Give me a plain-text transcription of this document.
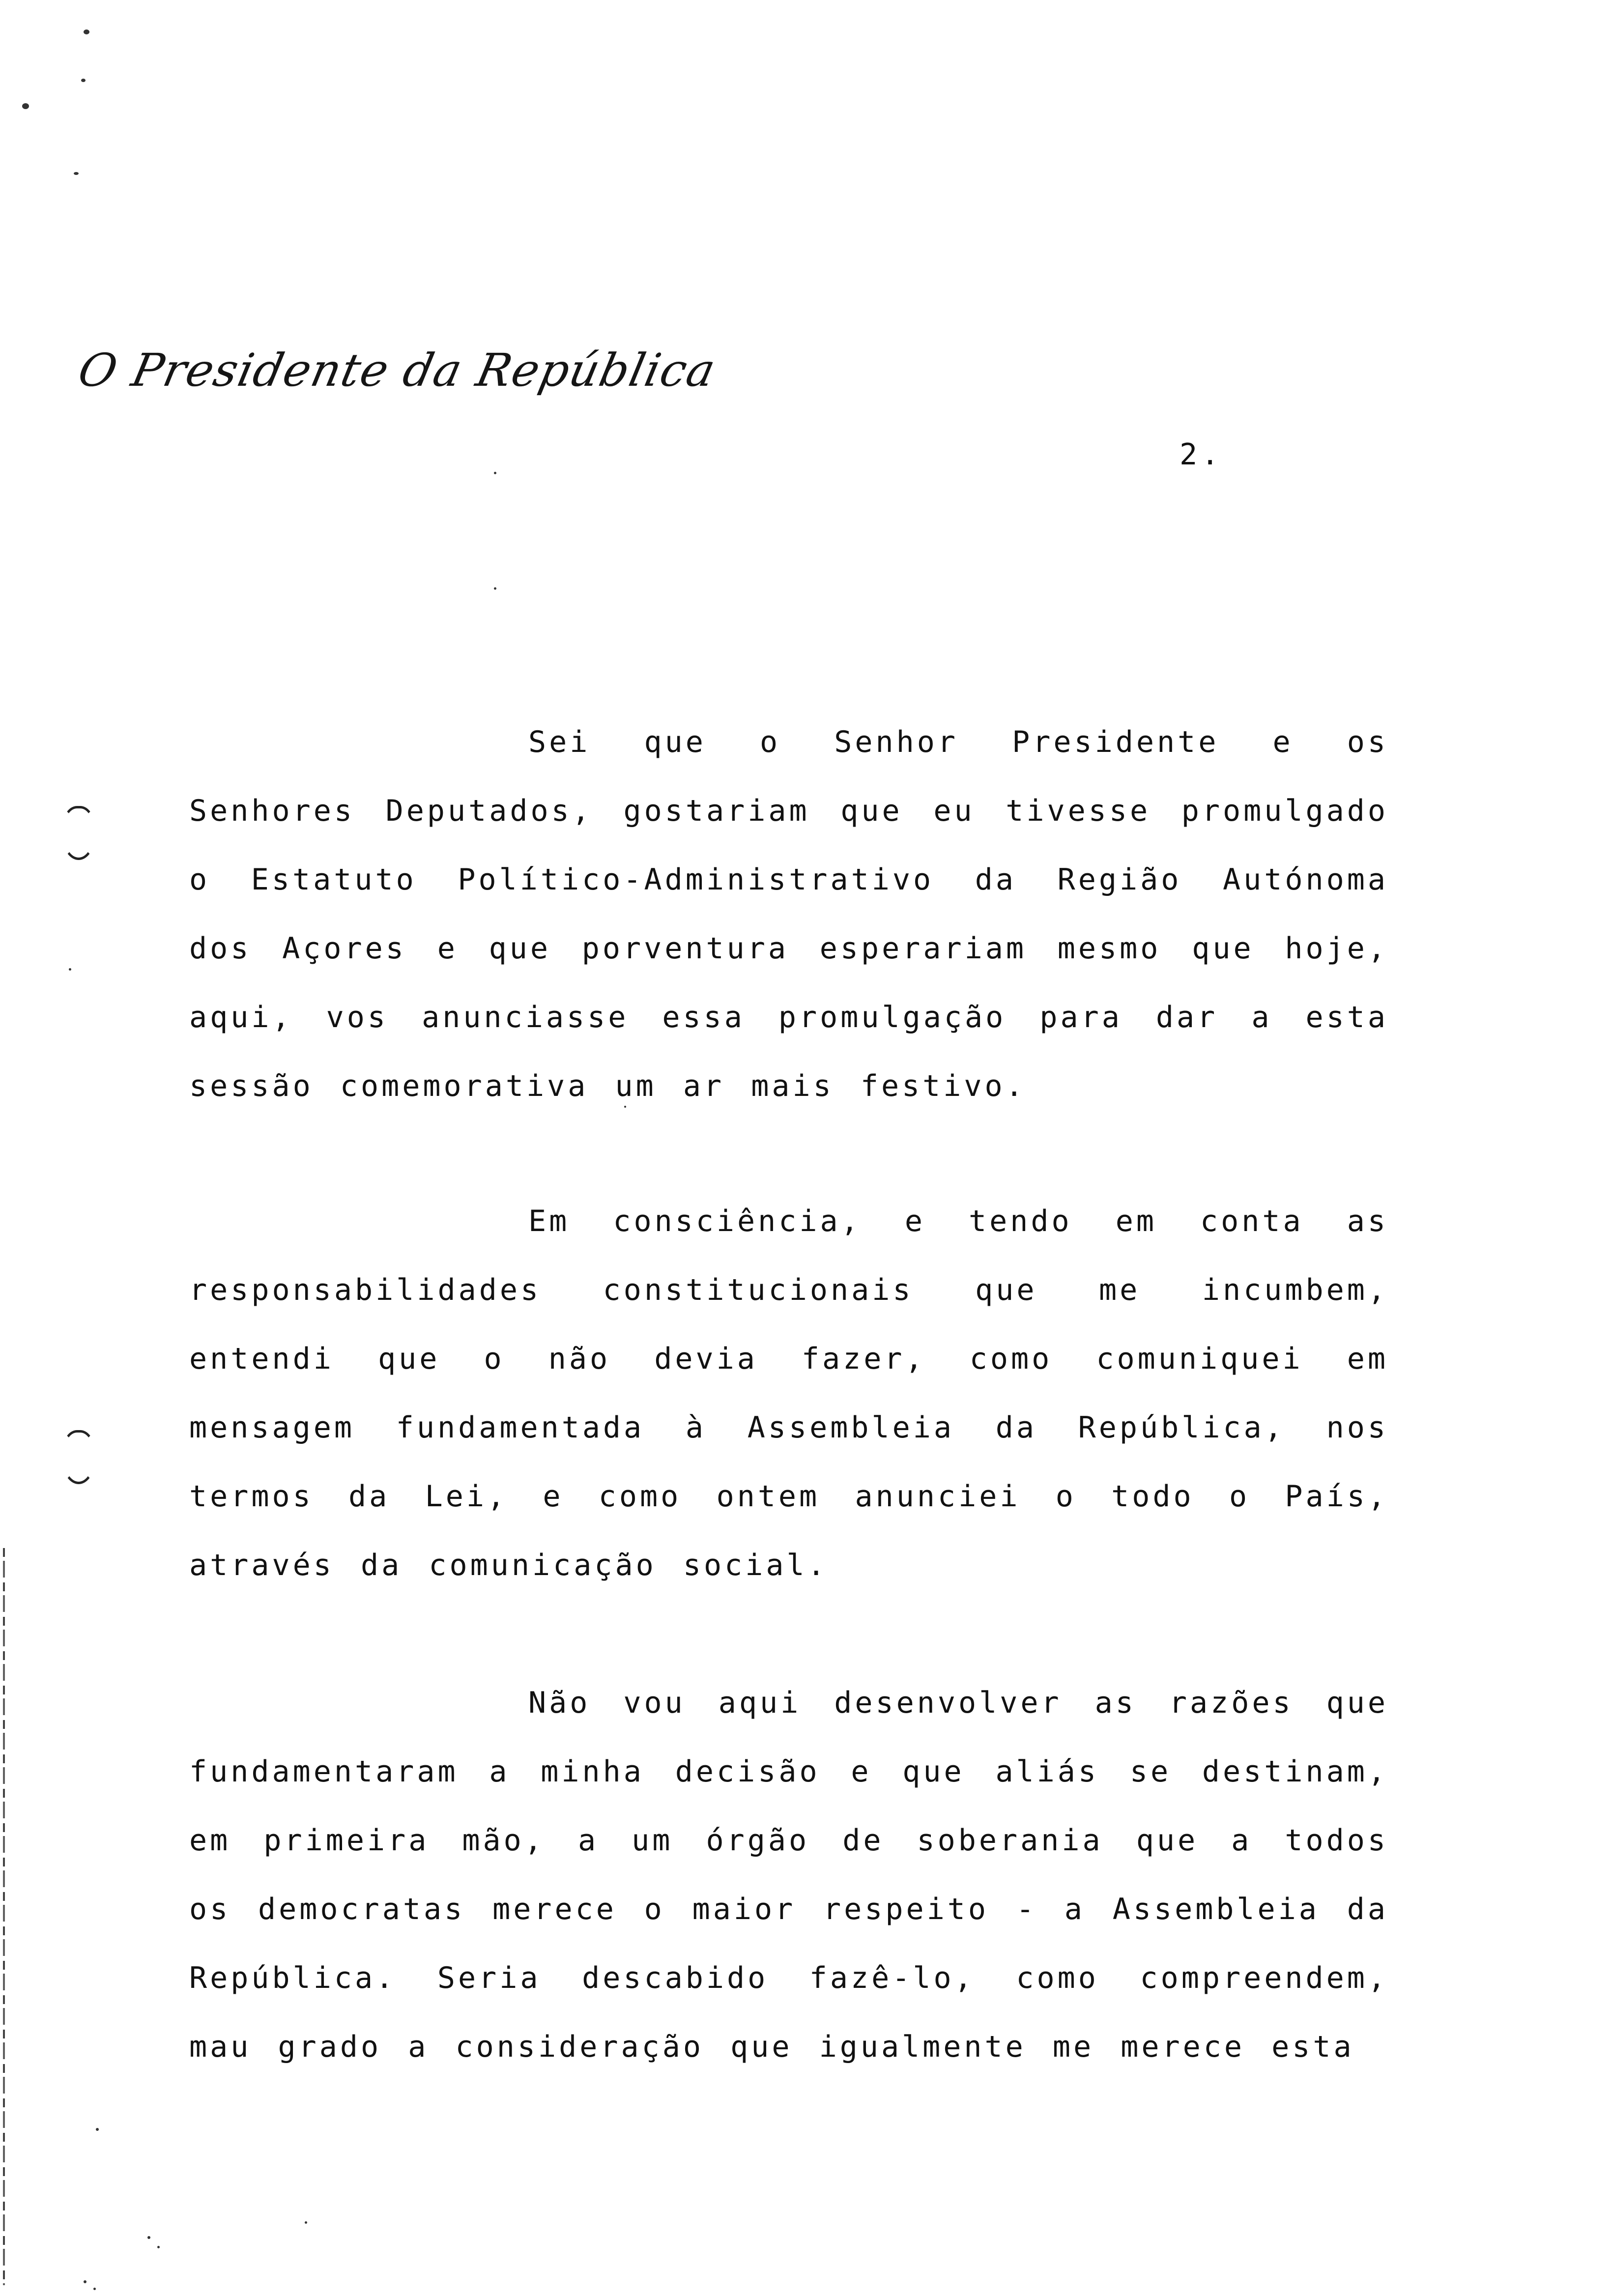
O Presidente da República
2.

Sei que o Senhor Presidente e os Senhores Deputados, gostariam que eu tivesse promulgado o Estatuto Político-Administrativo da Região Autónoma dos Açores e que porventura esperariam mesmo que hoje, aqui, vos anunciasse essa promulgação para dar a esta sessão comemorativa um ar mais festivo.

Em consciência, e tendo em conta as responsabilidades constitucionais que me incumbem, entendi que o não devia fazer, como comuniquei em mensagem fundamentada à Assembleia da República, nos termos da Lei, e como ontem anunciei o todo o País, através da comunicação social.

Não vou aqui desenvolver as razões que fundamentaram a minha decisão e que aliás se destinam, em primeira mão, a um órgão de soberania que a todos os democratas merece o maior respeito - a Assembleia da República. Seria descabido fazê-lo, como compreendem, mau grado a consideração que igualmente me merece esta
